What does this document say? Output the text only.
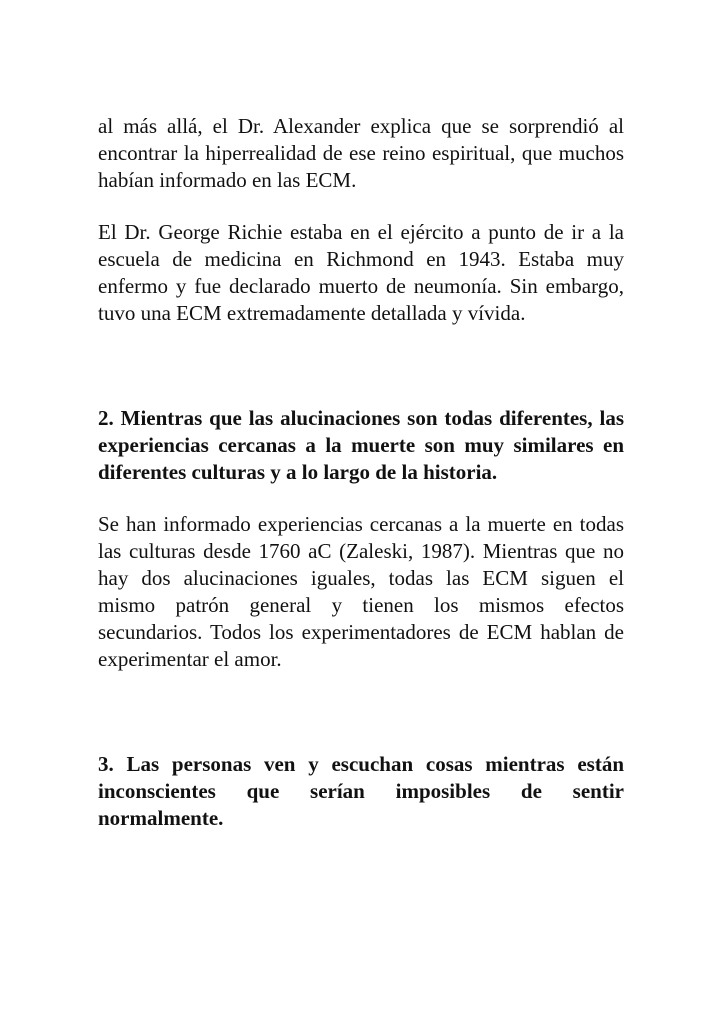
al más allá, el Dr. Alexander explica que se sorprendió al encontrar la hiperrealidad de ese reino espiritual, que muchos habían informado en las ECM.

El Dr. George Richie estaba en el ejército a punto de ir a la escuela de medicina en Richmond en 1943. Estaba muy enfermo y fue declarado muerto de neumonía. Sin embargo, tuvo una ECM extremadamente detallada y vívida.

2. Mientras que las alucinaciones son todas diferentes, las experiencias cercanas a la muerte son muy similares en diferentes culturas y a lo largo de la historia.

Se han informado experiencias cercanas a la muerte en todas las culturas desde 1760 aC (Zaleski, 1987). Mientras que no hay dos alucinaciones iguales, todas las ECM siguen el mismo patrón general y tienen los mismos efectos secundarios. Todos los experimentadores de ECM hablan de experimentar el amor.

3. Las personas ven y escuchan cosas mientras están inconscientes que serían imposibles de sentir normalmente.
